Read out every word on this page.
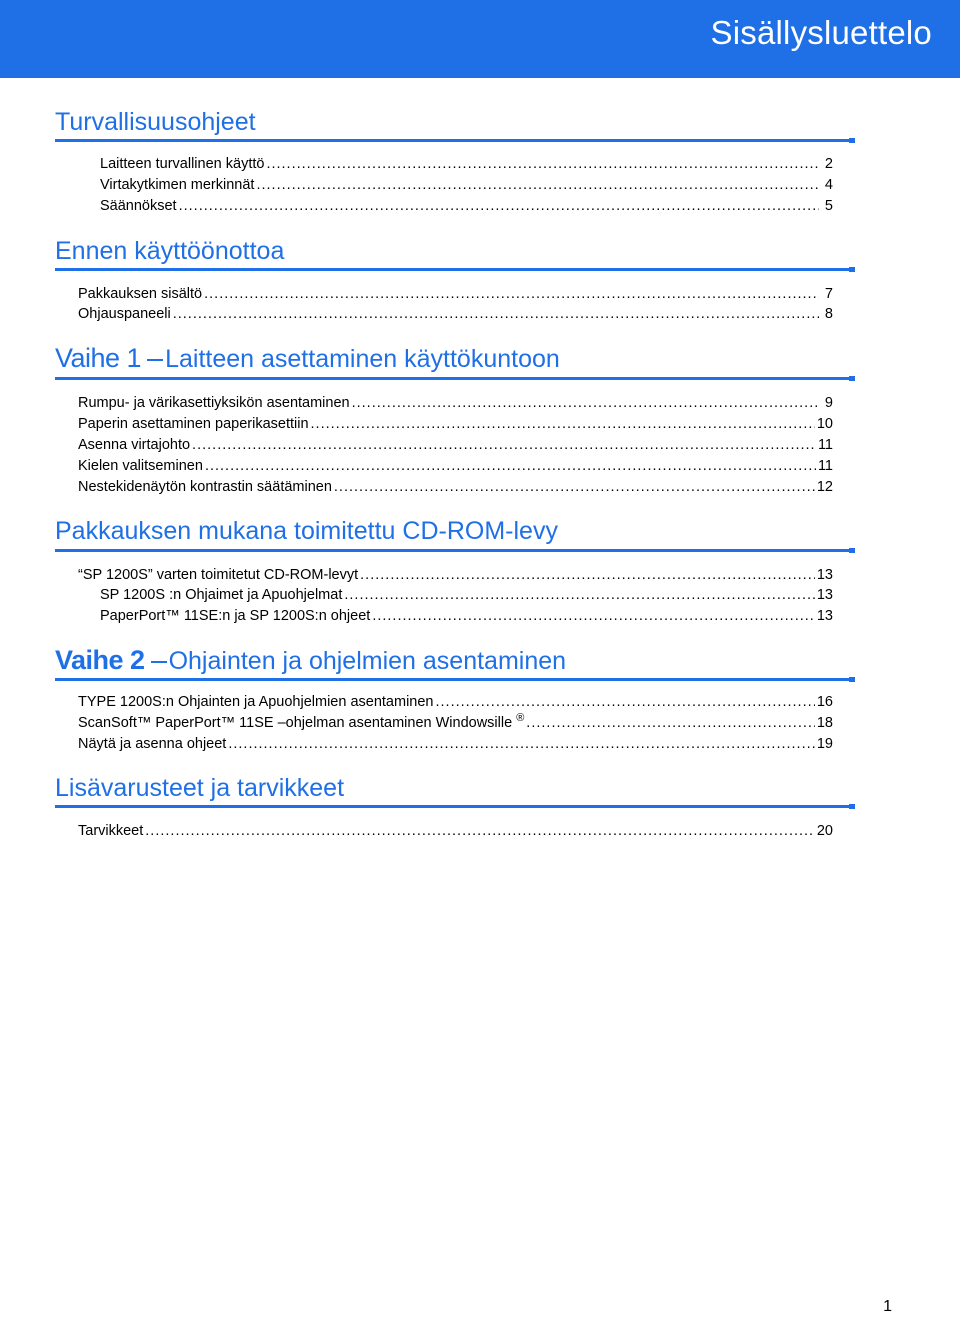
Sisällysluettelo
Turvallisuusohjeet
Laitteen turvallinen käyttö .....	2
Virtakytkimen merkinnät .....	4
Säännökset .....	5
Ennen käyttöönottoa
Pakkauksen sisältö .....	7
Ohjauspaneeli .....	8
Vaihe 1 Laitteen asettaminen käyttökuntoon
Rumpu- ja värikasettiyksikön asentaminen .....	9
Paperin asettaminen paperikasettiin .....	10
Asenna virtajohto .....	11
Kielen valitseminen .....	11
Nestekidenäytön kontrastin säätäminen .....	12
Pakkauksen mukana toimitettu CD-ROM-levy
“SP 1200S” varten toimitetut CD-ROM-levyt .....	13
SP 1200S :n Ohjaimet ja Apuohjelmat .....	13
PaperPort™ 11SE:n ja SP 1200S:n ohjeet .....	13
Vaihe 2 Ohjainten ja ohjelmien asentaminen
TYPE 1200S:n Ohjainten ja Apuohjelmien asentaminen .....	16
ScanSoft™ PaperPort™ 11SE –ohjelman asentaminen Windowsille ® .....	18
Näytä ja asenna ohjeet .....	19
Lisävarusteet ja tarvikkeet
Tarvikkeet .....	20
1
